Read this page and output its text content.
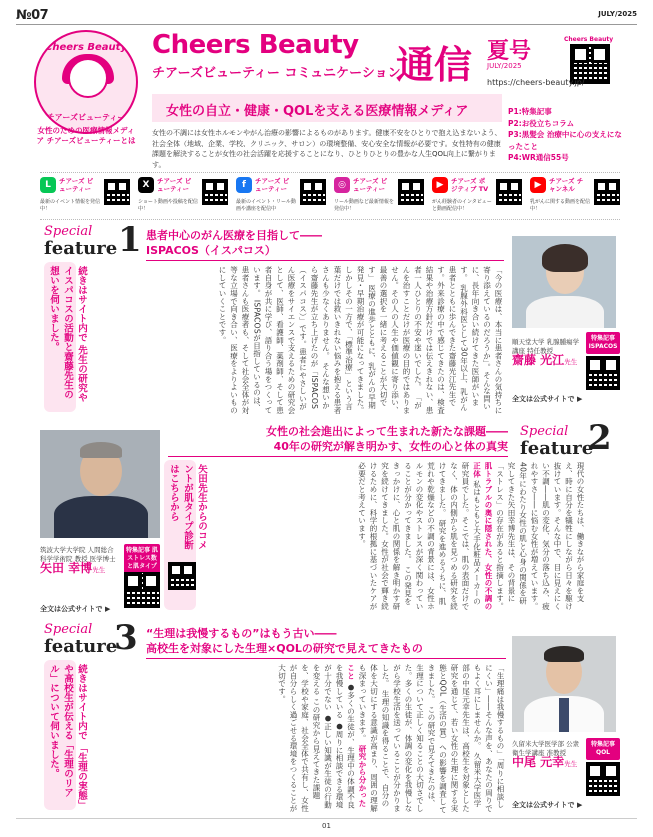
№07	JULY/2025
Cheers Beauty
チアーズビューティー
Cheers Beauty
チアーズビューティー コミュニケーション
通信 夏号
JULY/2025
Cheers Beauty
https://cheers-beauty.jp/
女性の自立・健康・QOLを支える医療情報メディア	P1:特集記事
P2:お役立ちコラム
P3:黒髪会 治療中に心の支えになったこと
P4:WR通信55号
女性のための医療情報メディア チアーズビューティーとは
女性の不調には女性ホルモンやがん治療の影響によるものがあります。健康不安をひとりで抱え込まないよう、社会全体（地域、企業、学校、クリニック、サロン）の環境整備、安心安全な情報が必要です。女性特有の健康課題を解決することが女性の社会活躍を応援することになり、ひとりひとりの豊かな人生QOL向上に繋がります。
L	チアーズ ビューティー
最新のイベント情報を発信中！
X	チアーズ ビューティー
ショート動画や投稿を配信中！
f	チアーズ ビューティー
最新のイベント・リール動画や講座を配信中
◎	チアーズ ビューティー
リール動画など最新情報を発信中！
▶	チアーズ ポジティブ TV
がん経験者のインタビューと動画配信中！
▶	チアーズ チャンネル
乳がんに関する動画を配信中！
Special
feature 1 患者中心のがん医療を目指して――
ISPACOS（イスパコス）
続きはサイト内で 先生の研究やイスパコスの活動と齋藤先生の想いを伺いました。	「今の医療は、本当に患者さんの気持ちに寄り添えているのだろうか」。そんな問いに、長年向き合い続けてきた医師がいます。 乳腺外科医として30年以上、乳がん患者とともに歩んできた齋藤光江先生です。外来診療の中で感じてきたのは、検査結果や治療方針だけでは伝えきれない、患者一人ひとりの不安や迷いでした。 「がんを治すことだけが医療の目的ではありません。その人の人生や価値観に寄り添い、最善の選択を一緒に考えることが大切です」 医療の進歩とともに、乳がんの早期発見・早期治療が可能になってきました。しかしその一方で、「標準治療」という言葉だけでは救いきれない悩みを抱える患者さんも少なくありません。 そんな想いから齋藤先生が立ち上げたのが「ISPACOS（イスパコス）」です。患者にやさしいがん医療をサイエンスで支えるための研究会として、医師、看護師、薬剤師、そして患者自身が共に学び、語り合う場をつくっています。 ISPACOSが目指しているのは、患者さんも医療者も、そして社会全体が対等な立場で向き合い、医療をよりよいものにしていくことです。	順天堂大学 乳腺腫瘍学講座 特任教授
齋藤 光江先生
特集記事 ISPACOS
全文は公式サイトで ▶
Special
feature
2
女性の社会進出によって生まれた新たな課題――
40年の研究が解き明かす、女性の心と体の真実
筑波大学大学院 人間総合科学学術院 教授 医学博士
矢田 幸博先生
特集記事 肌ストレス数と肌タイプ
全文は公式サイトで ▶
矢田先生からのコメントが肌タイプ診断はこちらから	現代の女性たちは、働きながら家庭を支え、時に自分を犠牲にしながら日々を駆け抜けています。そんな中で、目に見えにくい不調――肌の変化、気分の落ち込み、疲れやすさ――に悩む女性が増えています。 40年にわたり女性の肌と心身の関係を研究してきた矢田幸博先生は、その背景に「ストレス」の存在があると指摘します。 肌トラブルの奥に隠された、女性の不調の正体 私はもともと大手化粧品メーカーの研究員でした。そこでは、肌の表面だけでなく、体の内側から肌を見つめる研究を続けてきました。 研究を進めるうちに、肌荒れや乾燥などの不調の背景には、女性ホルモンの変化やストレスが深く関わっていることが分かってきました。 この発見をきっかけに、心と肌の関係を解き明かす研究を続けてきました。女性が社会で輝き続けるために、科学的根拠に基づいたケアが必要だと考えています。
Special
feature
3 “生理は我慢するもの”はもう古い――
高校生を対象にした生理×QOLの研究で見えてきたもの
続きはサイト内で 「生理の実態」や高校生が伝える「生理のリアル」について伺いました。	「生理痛は我慢するもの」「周りに相談しにくい」――そんな声を、あなたの周りでもよく耳にしませんか。 久留米大学医学部の中尾元幸先生は、高校生を対象とした研究を通じて、若い女性の生理に関する実態とQOL（生活の質）への影響を調査してきました。 この研究で見えてきたのは、生理について正しく知ることの大切さでした。多くの生徒が、体調の変化を我慢しながら学校生活を送っていることが分かりました。 生理の知識を得ることで、自分の体を大切にする意識が高まり、周囲の理解も深まっていきます。 研究から分かったこと ●多くの生徒が、生理中の体調不良を我慢している ●周りに相談できる環境が十分でない ●正しい知識が生徒の行動を変える この研究から見えてきた課題を、学校や家庭、社会全体で共有し、女性が自分らしく過ごせる環境をつくることが大切です。
久留米大学医学部 公衆衛生学講座 准教授
中尾 元幸先生
特集記事 QOL
全文は公式サイトで ▶
01
